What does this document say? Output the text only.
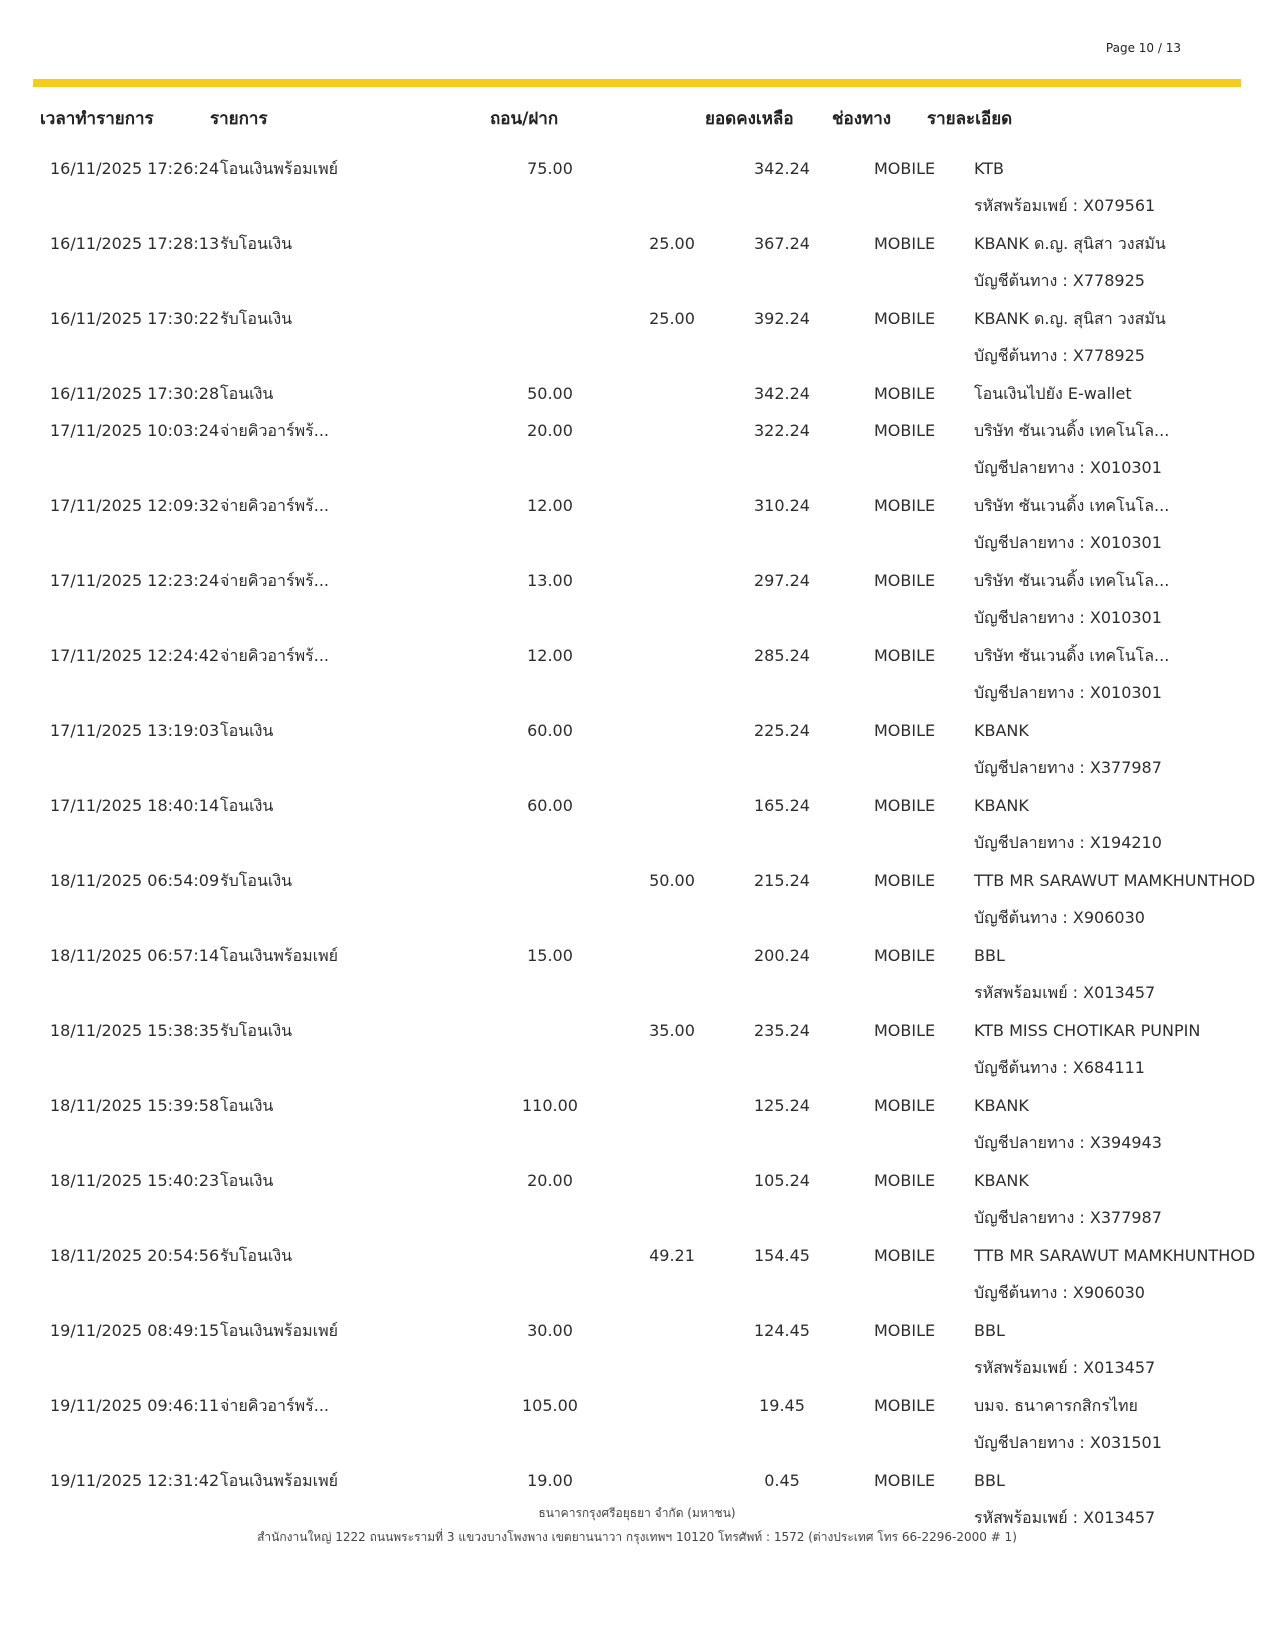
Page 10 / 13
เวลาทำรายการ	รายการ	ถอน/ฝาก	ยอดคงเหลือ ช่องทาง รายละเอียด
16/11/2025 17:26:24 โอนเงินพร้อมเพย์	75.00	342.24	MOBILE KTB
รหัสพร้อมเพย์ : X079561
16/11/2025 17:28:13 รับโอนเงิน	25.00	367.24	MOBILE KBANK ด.ญ. สุนิสา วงสมัน
บัญชีต้นทาง : X778925
16/11/2025 17:30:22 รับโอนเงิน	25.00	392.24	MOBILE KBANK ด.ญ. สุนิสา วงสมัน
บัญชีต้นทาง : X778925
16/11/2025 17:30:28 โอนเงิน	50.00	342.24	MOBILE โอนเงินไปยัง E-wallet
17/11/2025 10:03:24 จ่ายคิวอาร์พร้...	20.00	322.24	MOBILE บริษัท ซันเวนดิ้ง เทคโนโล...
บัญชีปลายทาง : X010301
17/11/2025 12:09:32 จ่ายคิวอาร์พร้...	12.00	310.24	MOBILE บริษัท ซันเวนดิ้ง เทคโนโล...
บัญชีปลายทาง : X010301
17/11/2025 12:23:24 จ่ายคิวอาร์พร้...	13.00	297.24	MOBILE บริษัท ซันเวนดิ้ง เทคโนโล...
บัญชีปลายทาง : X010301
17/11/2025 12:24:42 จ่ายคิวอาร์พร้...	12.00	285.24	MOBILE บริษัท ซันเวนดิ้ง เทคโนโล...
บัญชีปลายทาง : X010301
17/11/2025 13:19:03 โอนเงิน	60.00	225.24	MOBILE KBANK
บัญชีปลายทาง : X377987
17/11/2025 18:40:14 โอนเงิน	60.00	165.24	MOBILE KBANK
บัญชีปลายทาง : X194210
18/11/2025 06:54:09 รับโอนเงิน	50.00	215.24	MOBILE TTB MR SARAWUT MAMKHUNTHOD
บัญชีต้นทาง : X906030
18/11/2025 06:57:14 โอนเงินพร้อมเพย์	15.00	200.24	MOBILE BBL
รหัสพร้อมเพย์ : X013457
18/11/2025 15:38:35 รับโอนเงิน	35.00	235.24	MOBILE KTB MISS CHOTIKAR PUNPIN
บัญชีต้นทาง : X684111
18/11/2025 15:39:58 โอนเงิน	110.00	125.24	MOBILE KBANK
บัญชีปลายทาง : X394943
18/11/2025 15:40:23 โอนเงิน	20.00	105.24	MOBILE KBANK
บัญชีปลายทาง : X377987
18/11/2025 20:54:56 รับโอนเงิน	49.21	154.45	MOBILE TTB MR SARAWUT MAMKHUNTHOD
บัญชีต้นทาง : X906030
19/11/2025 08:49:15 โอนเงินพร้อมเพย์	30.00	124.45	MOBILE BBL
รหัสพร้อมเพย์ : X013457
19/11/2025 09:46:11 จ่ายคิวอาร์พร้...	105.00	19.45	MOBILE บมจ. ธนาคารกสิกรไทย
บัญชีปลายทาง : X031501
19/11/2025 12:31:42 โอนเงินพร้อมเพย์	19.00	0.45	MOBILE BBL
รหัสพร้อมเพย์ : X013457
ธนาคารกรุงศรีอยุธยา จำกัด (มหาชน)
สำนักงานใหญ่ 1222 ถนนพระรามที่ 3 แขวงบางโพงพาง เขตยานนาวา กรุงเทพฯ 10120 โทรศัพท์ : 1572 (ต่างประเทศ โทร 66-2296-2000 # 1)
